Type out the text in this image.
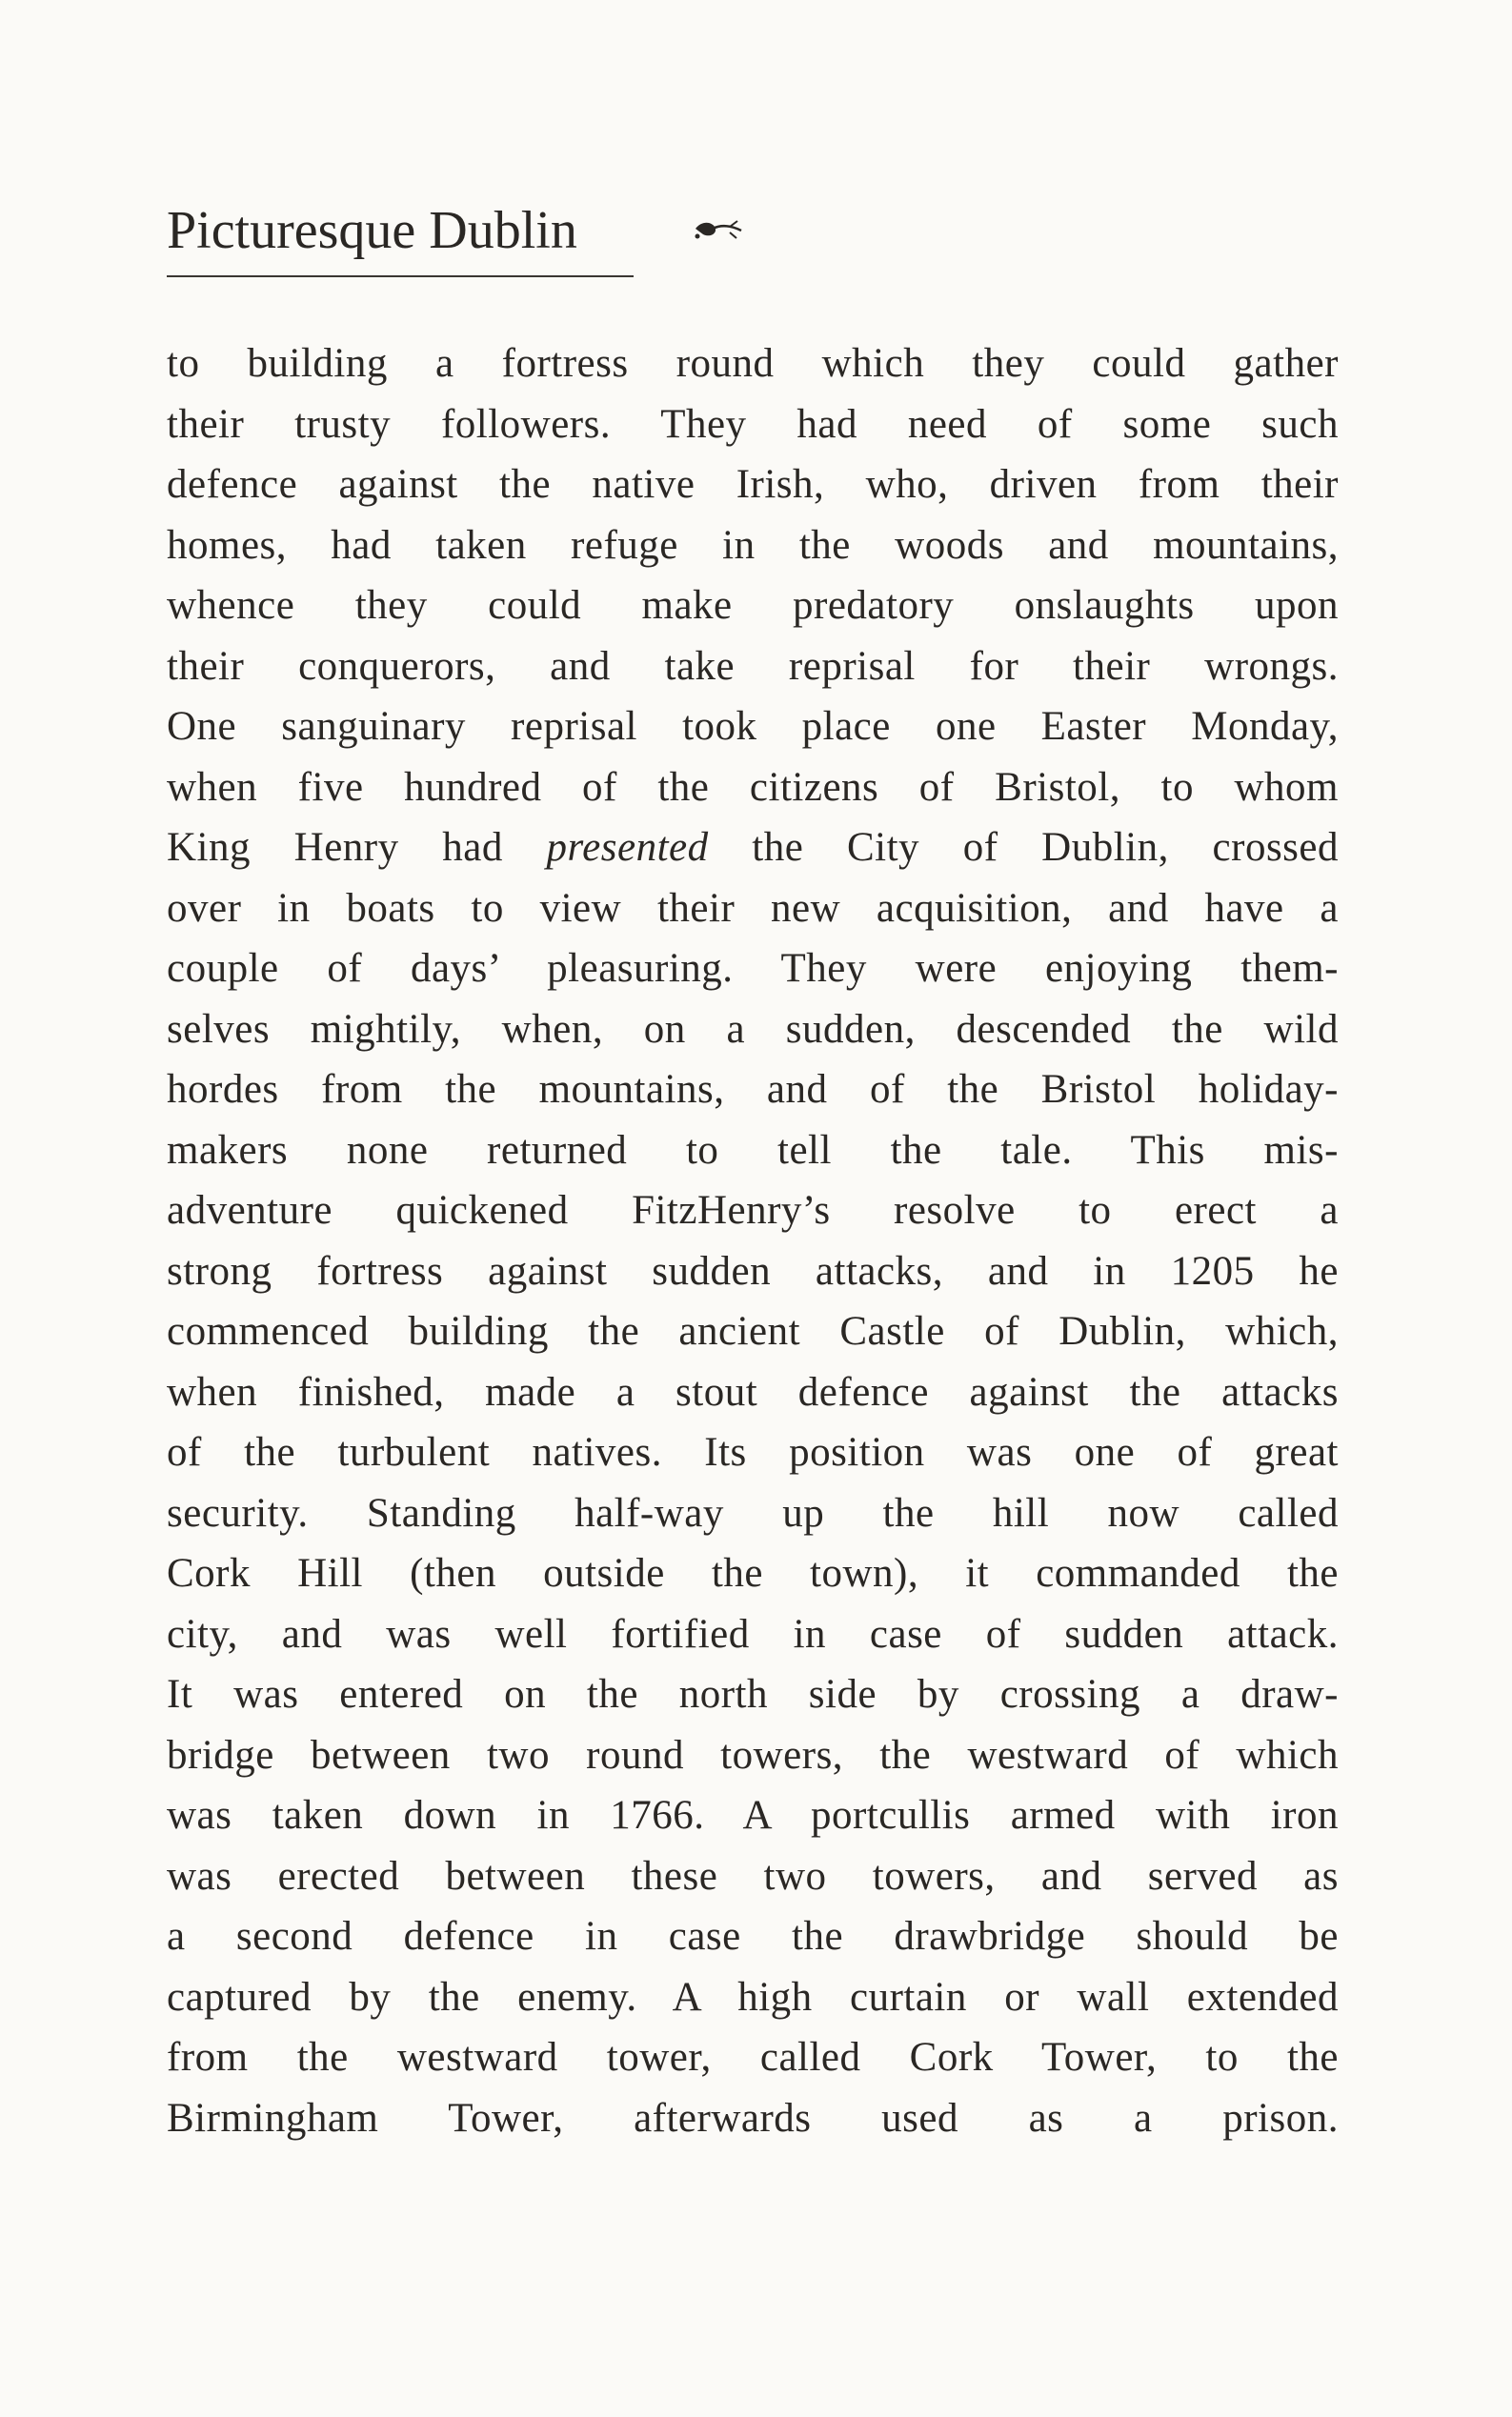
Picturesque Dublin
to building a fortress round which they could gather
their trusty followers. They had need of some such
defence against the native Irish, who, driven from their
homes, had taken refuge in the woods and mountains,
whence they could make predatory onslaughts upon
their conquerors, and take reprisal for their wrongs.
One sanguinary reprisal took place one Easter Monday,
when five hundred of the citizens of Bristol, to whom
King Henry had presented the City of Dublin, crossed
over in boats to view their new acquisition, and have a
couple of days’ pleasuring. They were enjoying them-
selves mightily, when, on a sudden, descended the wild
hordes from the mountains, and of the Bristol holiday-
makers none returned to tell the tale. This mis-
adventure quickened FitzHenry’s resolve to erect a
strong fortress against sudden attacks, and in 1205 he
commenced building the ancient Castle of Dublin, which,
when finished, made a stout defence against the attacks
of the turbulent natives. Its position was one of great
security. Standing half-way up the hill now called
Cork Hill (then outside the town), it commanded the
city, and was well fortified in case of sudden attack.
It was entered on the north side by crossing a draw-
bridge between two round towers, the westward of which
was taken down in 1766. A portcullis armed with iron
was erected between these two towers, and served as
a second defence in case the drawbridge should be
captured by the enemy. A high curtain or wall extended
from the westward tower, called Cork Tower, to the
Birmingham Tower, afterwards used as a prison.
